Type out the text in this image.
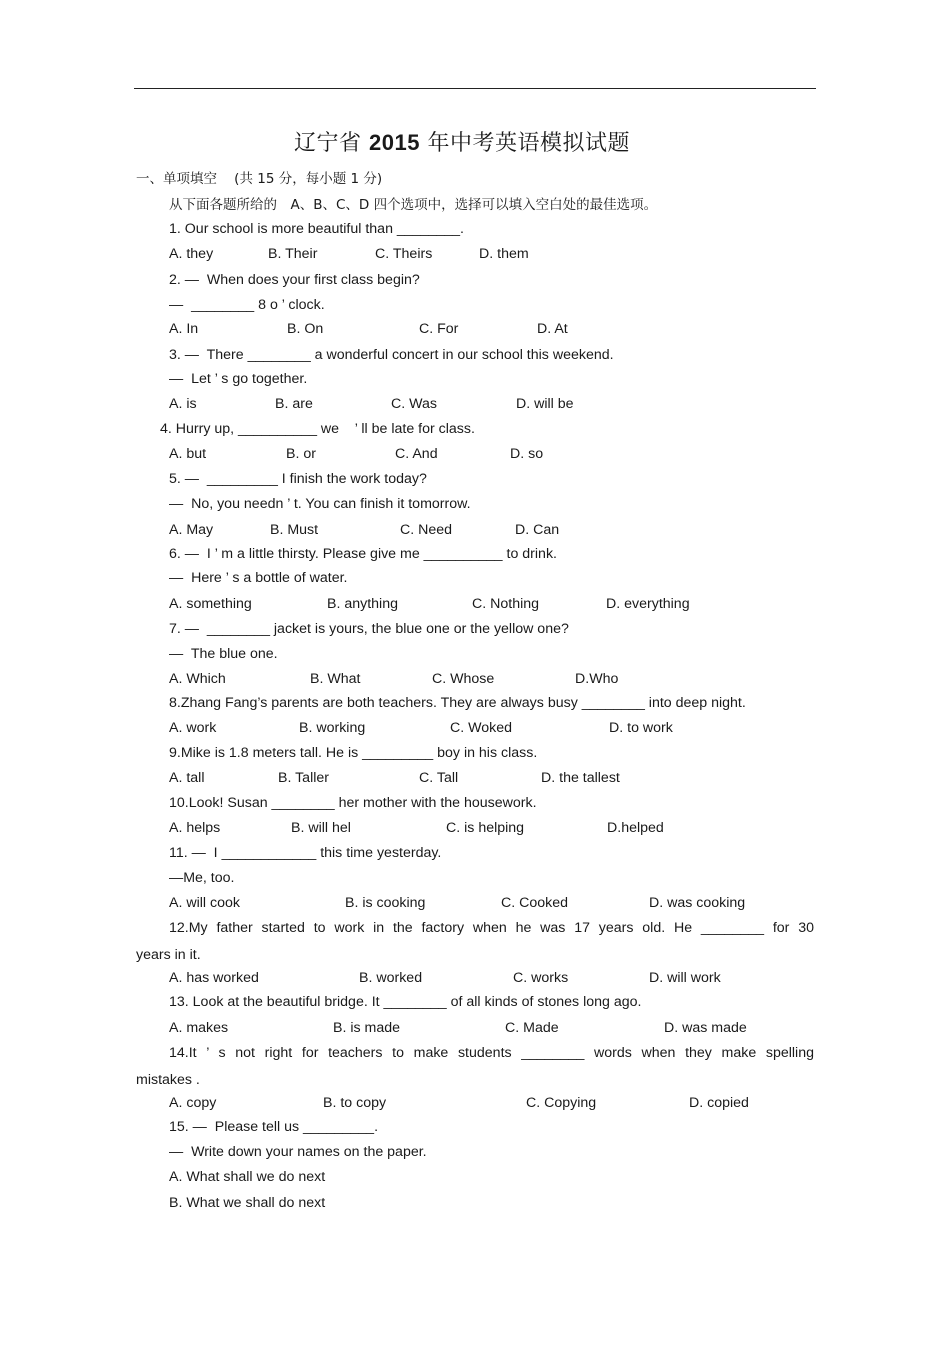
辽宁省 2015 年中考英语模拟试题
一、单项填空 (共 15 分，每小题 1 分)
从下面各题所给的　A、B、C、D 四个选项中，选择可以填入空白处的最佳选项。
1. Our school is more beautiful than ________.
A. they	B. Their	C. Theirs	D. them
2. —  When does your first class begin?
—  ________ 8 o ’ clock.
A. In	B. On	C. For	D. At
3. —  There ________ a wonderful concert in our school this weekend.
—  Let ’ s go together.
A. is	B. are	C. Was	D. will be
4. Hurry up, __________ we    ’ ll be late for class.
A. but	B. or	C. And	D. so
5. —  _________ I finish the work today?
—  No, you needn ’ t. You can finish it tomorrow.
A. May	B. Must	C. Need	D. Can
6. —  I ’ m a little thirsty. Please give me __________ to drink.
—  Here ’ s a bottle of water.
A. something	B. anything	C. Nothing	D. everything
7. —  ________ jacket is yours, the blue one or the yellow one?
—  The blue one.
A. Which	B. What	C. Whose	D.Who
8.Zhang Fang’s parents are both teachers. They are always busy ________ into deep night.
A. work	B. working	C. Woked	D. to work
9.Mike is 1.8 meters tall. He is _________ boy in his class.
A. tall	B. Taller	C. Tall	D. the tallest
10.Look! Susan ________ her mother with the housework.
A. helps	B. will hel	C. is helping	D.helped
11. —  I ____________ this time yesterday.
—Me, too.
A. will cook	B. is cooking	C. Cooked	D. was cooking
12.My father started to work in the factory when he was 17 years old. He ________ for 30
years in it.
A. has worked	B. worked	C. works	D. will work
13. Look at the beautiful bridge. It ________ of all kinds of stones long ago.
A. makes	B. is made	C. Made	D. was made
14.It ’ s not right for teachers to make students ________ words when they make spelling
mistakes .
A. copy	B. to copy	C. Copying	D. copied
15. —  Please tell us _________.
—  Write down your names on the paper.
A. What shall we do next
B. What we shall do next
